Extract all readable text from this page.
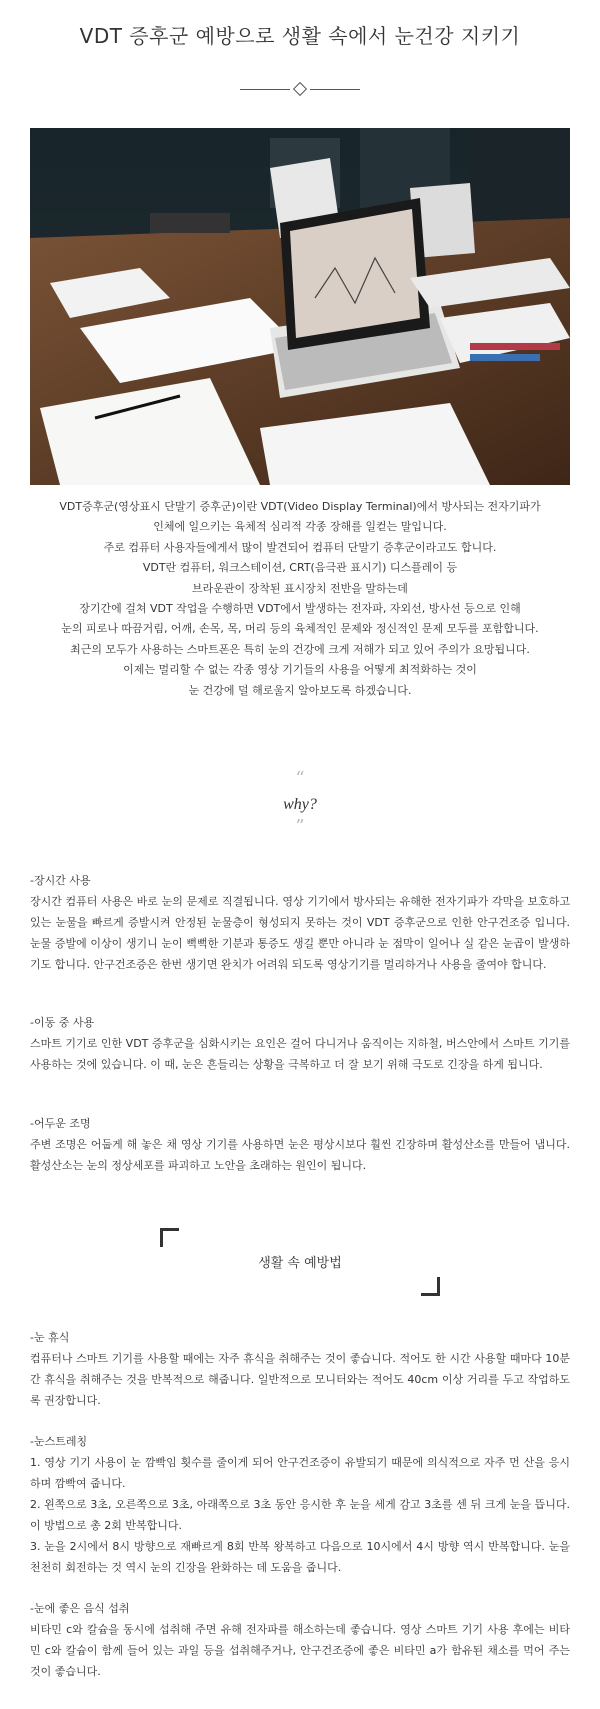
VDT 증후군 예방으로 생활 속에서 눈건강 지키기

VDT증후군(영상표시 단말기 증후군)이란 VDT(Video Display Terminal)에서 방사되는 전자기파가

인체에 일으키는 육체적 심리적 각종 장해를 일컫는 말입니다.

주로 컴퓨터 사용자들에게서 많이 발견되어 컴퓨터 단말기 증후군이라고도 합니다.

VDT란 컴퓨터, 워크스테이션, CRT(음극관 표시기) 디스플레이 등

브라운관이 장착된 표시장치 전반을 말하는데

장기간에 걸쳐 VDT 작업을 수행하면 VDT에서 발생하는 전자파, 자외선, 방사선 등으로 인해

눈의 피로나 따끔거림, 어깨, 손목, 목, 머리 등의 육체적인 문제와 정신적인 문제 모두를 포함합니다.

최근의 모두가 사용하는 스마트폰은 특히 눈의 건강에 크게 저해가 되고 있어 주의가 요망됩니다.

이제는 멀리할 수 없는 각종 영상 기기들의 사용을 어떻게 최적화하는 것이

눈 건강에 덜 해로울지 알아보도록 하겠습니다.

“
why?
”

-장시간 사용

장시간 컴퓨터 사용은 바로 눈의 문제로 직결됩니다. 영상 기기에서 방사되는 유해한 전자기파가 각막을 보호하고 있는 눈물을 빠르게 증발시켜 안정된 눈물층이 형성되지 못하는 것이 VDT 증후군으로 인한 안구건조증 입니다. 눈물 증발에 이상이 생기니 눈이 뻑뻑한 기분과 통증도 생길 뿐만 아니라 눈 점막이 일어나 실 같은 눈곱이 발생하기도 합니다. 안구건조증은 한번 생기면 완치가 어려워 되도록 영상기기를 멀리하거나 사용을 줄여야 합니다.

-이동 중 사용

스마트 기기로 인한 VDT 증후군을 심화시키는 요인은 걸어 다니거나 움직이는 지하철, 버스안에서 스마트 기기를 사용하는 것에 있습니다. 이 때, 눈은 흔들리는 상황을 극복하고 더 잘 보기 위해 극도로 긴장을 하게 됩니다.

-어두운 조명

주변 조명은 어둡게 해 놓은 채 영상 기기를 사용하면 눈은 평상시보다 훨씬 긴장하며 활성산소를 만들어 냅니다. 활성산소는 눈의 정상세포를 파괴하고 노안을 초래하는 원인이 됩니다.

생활 속 예방법

-눈 휴식

컴퓨터나 스마트 기기를 사용할 때에는 자주 휴식을 취해주는 것이 좋습니다. 적어도 한 시간 사용할 때마다 10분간 휴식을 취해주는 것을 반복적으로 해줍니다. 일반적으로 모니터와는 적어도 40cm 이상 거리를 두고 작업하도록 권장합니다.

-눈스트레칭

1. 영상 기기 사용이 눈 깜빡임 횟수를 줄이게 되어 안구건조증이 유발되기 때문에 의식적으로 자주 먼 산을 응시하며 깜빡여 줍니다.

2. 왼쪽으로 3초, 오른쪽으로 3초, 아래쪽으로 3초 동안 응시한 후 눈을 세게 감고 3초를 센 뒤 크게 눈을 뜹니다. 이 방법으로 총 2회 반복합니다.

3. 눈을 2시에서 8시 방향으로 재빠르게 8회 반복 왕복하고 다음으로 10시에서 4시 방향 역시 반복합니다. 눈을 천천히 회전하는 것 역시 눈의 긴장을 완화하는 데 도움을 줍니다.

-눈에 좋은 음식 섭취

비타민 c와 칼슘을 동시에 섭취해 주면 유해 전자파를 해소하는데 좋습니다. 영상 스마트 기기 사용 후에는 비타민 c와 칼슘이 함께 들어 있는 과일 등을 섭취해주거나, 안구건조증에 좋은 비타민 a가 함유된 채소를 먹어 주는 것이 좋습니다.
